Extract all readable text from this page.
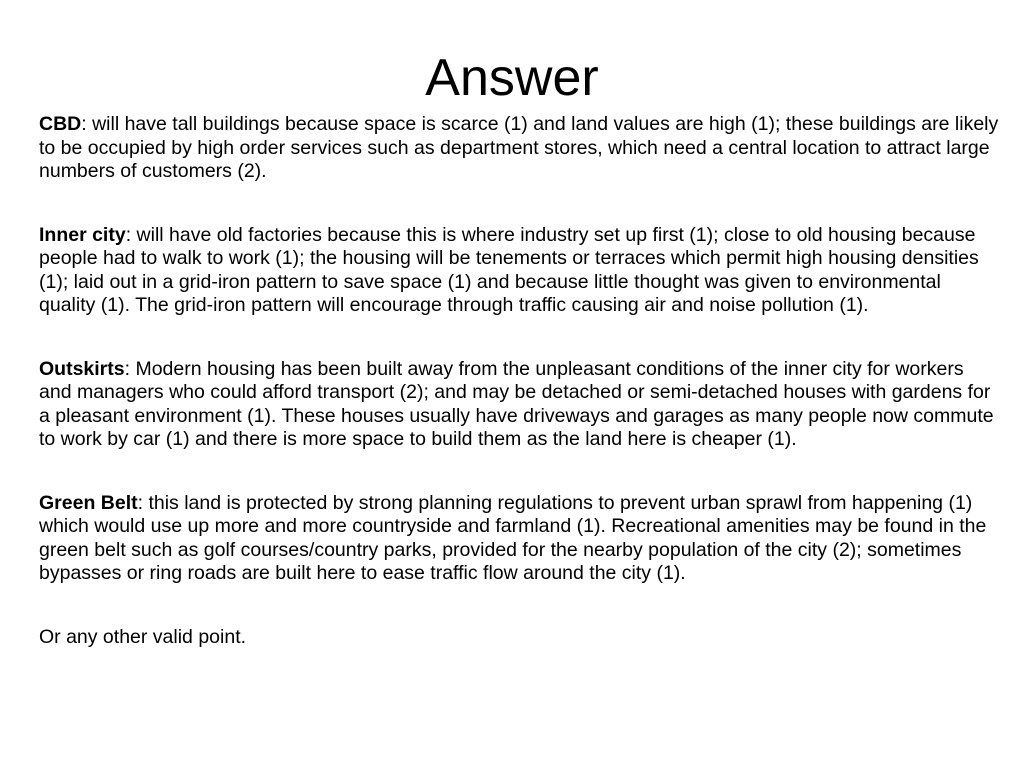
Answer

CBD: will have tall buildings because space is scarce (1) and land values are high (1); these buildings are likely to be occupied by high order services such as department stores, which need a central location to attract large numbers of customers (2).

Inner city: will have old factories because this is where industry set up first (1); close to old housing because people had to walk to work (1); the housing will be tenements or terraces which permit high housing densities (1); laid out in a grid-iron pattern to save space (1) and because little thought was given to environmental quality (1). The grid-iron pattern will encourage through traffic causing air and noise pollution (1).

Outskirts: Modern housing has been built away from the unpleasant conditions of the inner city for workers and managers who could afford transport (2); and may be detached or semi-detached houses with gardens for a pleasant environment (1). These houses usually have driveways and garages as many people now commute to work by car (1) and there is more space to build them as the land here is cheaper (1).

Green Belt: this land is protected by strong planning regulations to prevent urban sprawl from happening (1) which would use up more and more countryside and farmland (1). Recreational amenities may be found in the green belt such as golf courses/country parks, provided for the nearby population of the city (2); sometimes bypasses or ring roads are built here to ease traffic flow around the city (1).

Or any other valid point.
